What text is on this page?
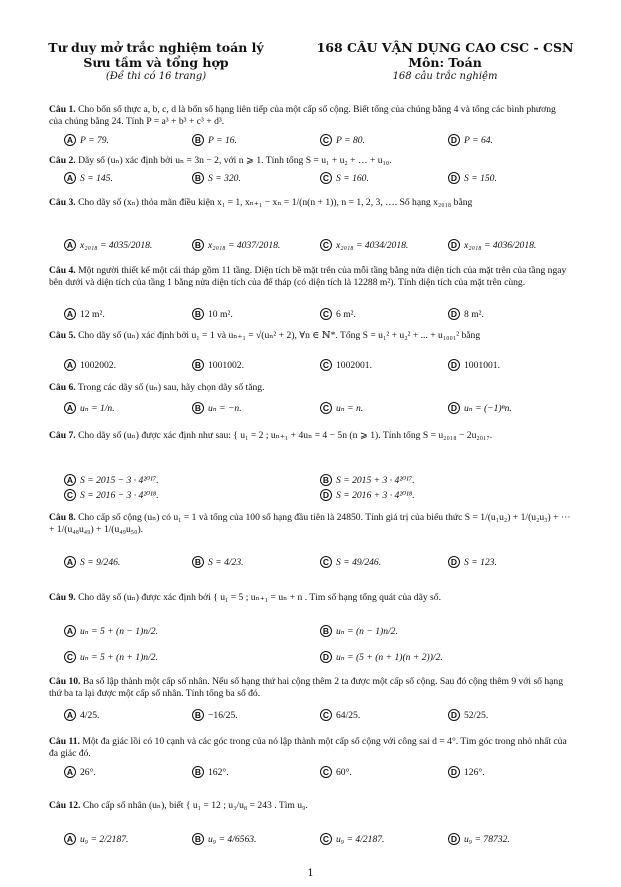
Tư duy mở trắc nghiệm toán lý
Sưu tầm và tổng hợp
(Đề thi có 16 trang)
168 CÂU VẬN DỤNG CAO CSC - CSN
Môn: Toán
168 câu trắc nghiệm
Câu 1. Cho bốn số thực a, b, c, d là bốn số hạng liên tiếp của một cấp số cộng. Biết tổng của chúng bằng 4 và tổng các bình phương của chúng bằng 24. Tính P = a³ + b³ + c³ + d³.
A P = 79.	B P = 16.	C P = 80.	D P = 64.
Câu 2. Dãy số (uₙ) xác định bởi uₙ = 3n − 2, với n ⩾ 1. Tính tổng S = u₁ + u₂ + … + u₁₀.
A S = 145.	B S = 320.	C S = 160.	D S = 150.
Câu 3. Cho dãy số (xₙ) thỏa mãn điều kiện x₁ = 1, xₙ₊₁ − xₙ = 1/(n(n + 1)), n = 1, 2, 3, …. Số hạng x₂₀₁₈ bằng
A x₂₀₁₈ = 4035/2018.	B x₂₀₁₈ = 4037/2018.	C x₂₀₁₈ = 4034/2018.	D x₂₀₁₈ = 4036/2018.
Câu 4. Một người thiết kế một cái tháp gồm 11 tầng. Diện tích bề mặt trên của mỗi tầng bằng nửa diện tích của mặt trên của tầng ngay bên dưới và diện tích của tầng 1 bằng nửa diện tích của đế tháp (có diện tích là 12288 m²). Tính diện tích của mặt trên cùng.
A 12 m².	B 10 m².	C 6 m².	D 8 m².
Câu 5. Cho dãy số (uₙ) xác định bởi u₁ = 1 và uₙ₊₁ = √(uₙ² + 2), ∀n ∈ ℕ*. Tổng S = u₁² + u₂² + ... + u₁₀₀₁² bằng
A 1002002.	B 1001002.	C 1002001.	D 1001001.
Câu 6. Trong các dãy số (uₙ) sau, hãy chọn dãy số tăng.
A uₙ = 1/n.	B uₙ = −n.	C uₙ = n.	D uₙ = (−1)ⁿn.
Câu 7. Cho dãy số (uₙ) được xác định như sau: { u₁ = 2 ; uₙ₊₁ + 4uₙ = 4 − 5n (n ⩾ 1). Tính tổng S = u₂₀₁₈ − 2u₂₀₁₇.
A S = 2015 − 3 · 4²⁰¹⁷.	B S = 2015 + 3 · 4²⁰¹⁷.
C S = 2016 − 3 · 4²⁰¹⁸.	D S = 2016 + 3 · 4²⁰¹⁸.
Câu 8. Cho cấp số cộng (uₙ) có u₁ = 1 và tổng của 100 số hạng đầu tiên là 24850. Tính giá trị của biểu thức S = 1/(u₁u₂) + 1/(u₂u₃) + ⋯ + 1/(u₄₈u₄₉) + 1/(u₄₉u₅₀).
A S = 9/246.	B S = 4/23.	C S = 49/246.	D S = 123.
Câu 9. Cho dãy số (uₙ) được xác định bởi { u₁ = 5 ; uₙ₊₁ = uₙ + n . Tìm số hạng tổng quát của dãy số.
A uₙ = 5 + (n − 1)n/2.	B uₙ = (n − 1)n/2.
C uₙ = 5 + (n + 1)n/2.	D uₙ = (5 + (n + 1)(n + 2))/2.
Câu 10. Ba số lập thành một cấp số nhân. Nếu số hạng thứ hai cộng thêm 2 ta được một cấp số cộng. Sau đó cộng thêm 9 với số hạng thứ ba ta lại được một cấp số nhân. Tính tổng ba số đó.
A 4/25.	B −16/25.	C 64/25.	D 52/25.
Câu 11. Một đa giác lồi có 10 cạnh và các góc trong của nó lập thành một cấp số cộng với công sai d = 4°. Tìm góc trong nhỏ nhất của đa giác đó.
A 26°.	B 162°.	C 60°.	D 126°.
Câu 12. Cho cấp số nhân (uₙ), biết { u₁ = 12 ; u₃/u₈ = 243 . Tìm u₉.
A u₉ = 2/2187.	B u₉ = 4/6563.	C u₉ = 4/2187.	D u₉ = 78732.
1
